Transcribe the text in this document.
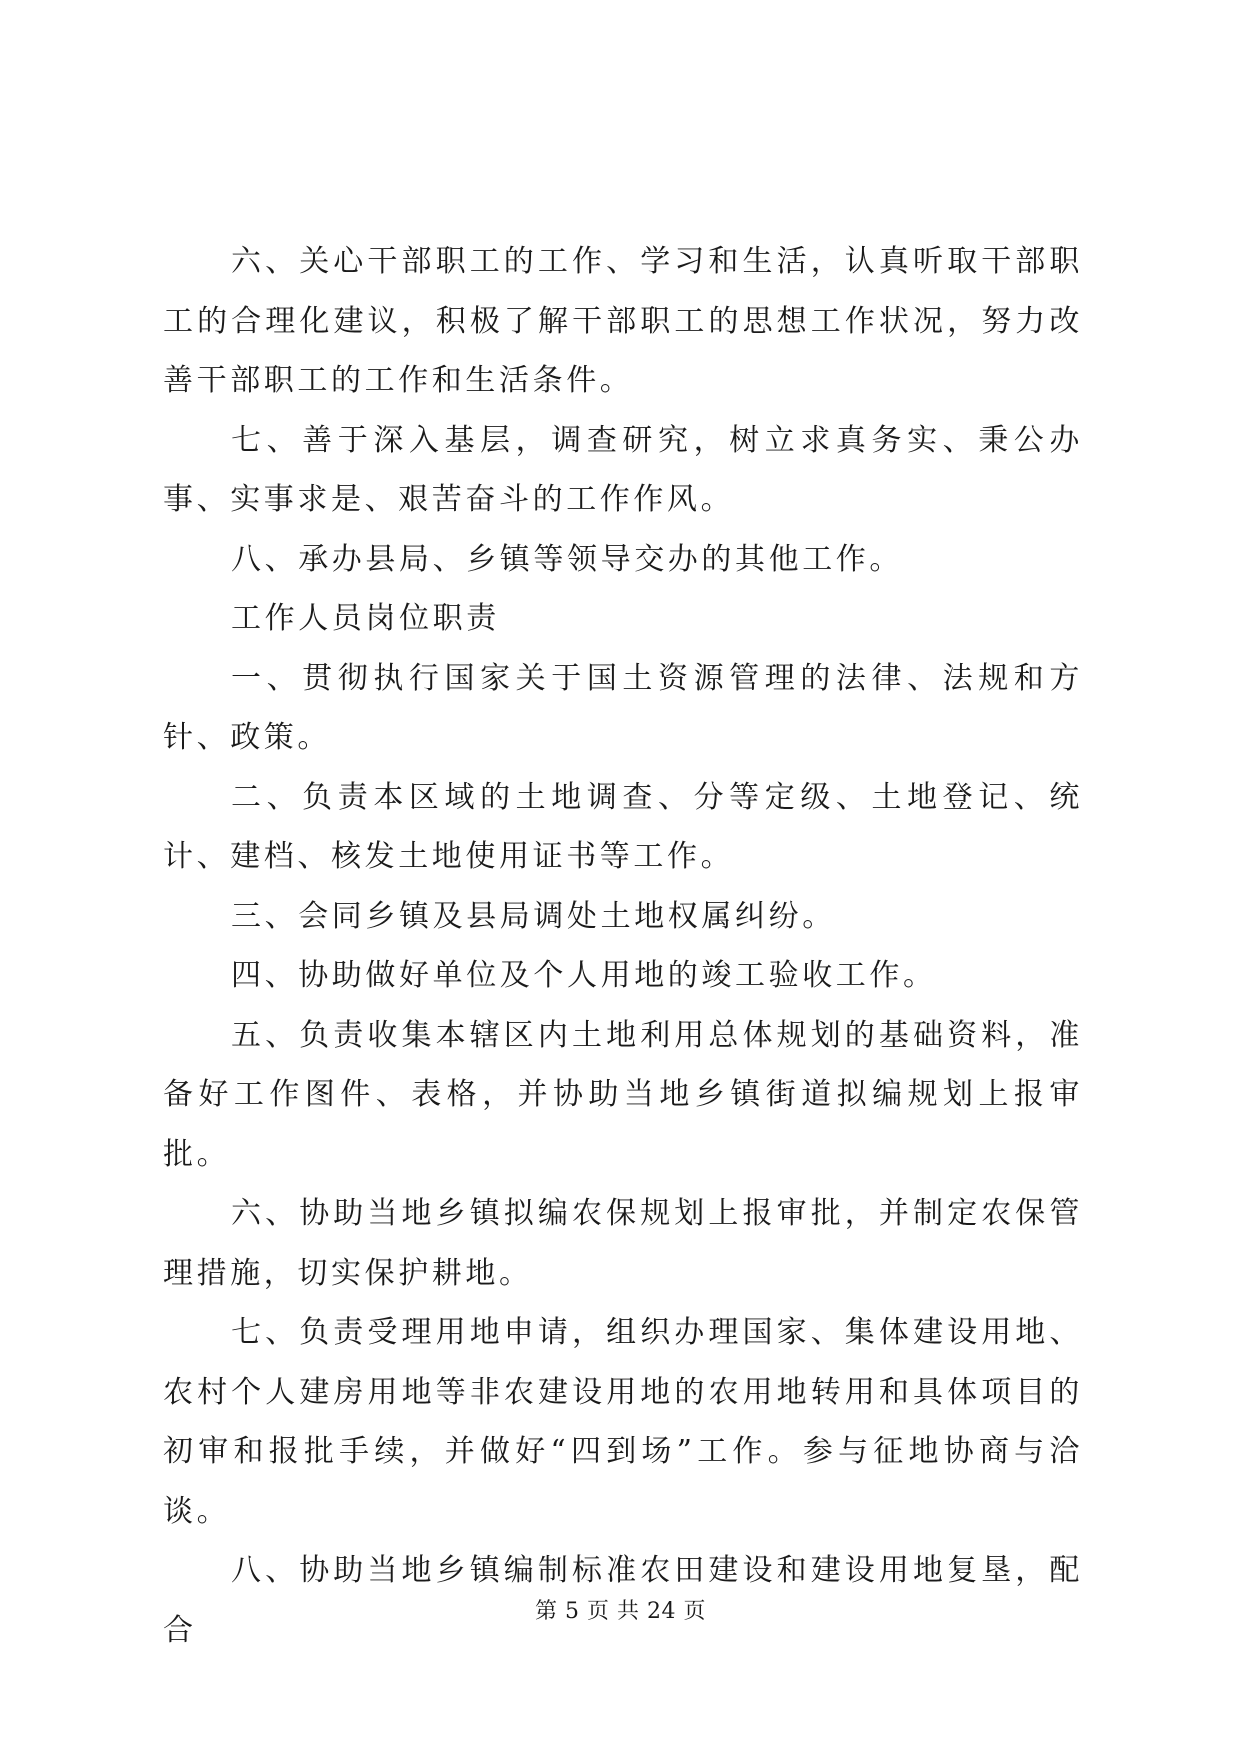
六、关心干部职工的工作、学习和生活，认真听取干部职工的合理化建议，积极了解干部职工的思想工作状况，努力改善干部职工的工作和生活条件。

七、善于深入基层，调查研究，树立求真务实、秉公办事、实事求是、艰苦奋斗的工作作风。

八、承办县局、乡镇等领导交办的其他工作。

工作人员岗位职责

一、贯彻执行国家关于国土资源管理的法律、法规和方针、政策。

二、负责本区域的土地调查、分等定级、土地登记、统计、建档、核发土地使用证书等工作。

三、会同乡镇及县局调处土地权属纠纷。

四、协助做好单位及个人用地的竣工验收工作。

五、负责收集本辖区内土地利用总体规划的基础资料，准备好工作图件、表格，并协助当地乡镇街道拟编规划上报审批。

六、协助当地乡镇拟编农保规划上报审批，并制定农保管理措施，切实保护耕地。

七、负责受理用地申请，组织办理国家、集体建设用地、农村个人建房用地等非农建设用地的农用地转用和具体项目的初审和报批手续，并做好“四到场”工作。参与征地协商与洽谈。

八、协助当地乡镇编制标准农田建设和建设用地复垦，配合

第 5 页 共 24 页
